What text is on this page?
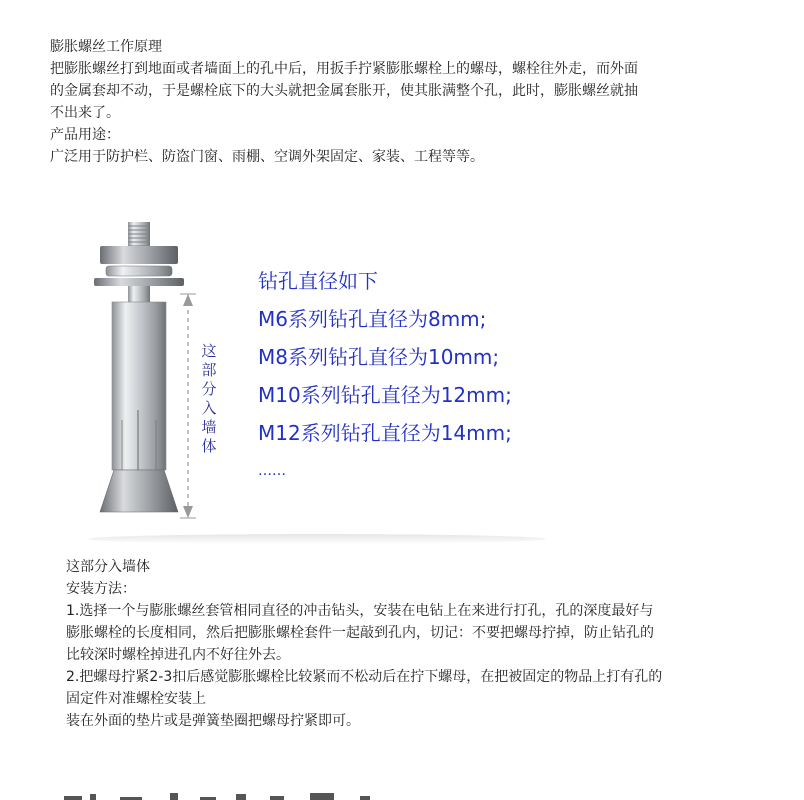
膨胀螺丝工作原理
把膨胀螺丝打到地面或者墙面上的孔中后，用扳手拧紧膨胀螺栓上的螺母，螺栓往外走，而外面
的金属套却不动，于是螺栓底下的大头就把金属套胀开，使其胀满整个孔，此时，膨胀螺丝就抽
不出来了。
产品用途：
广泛用于防护栏、防盗门窗、雨棚、空调外架固定、家装、工程等等。
这
部
分
入
墙
体
钻孔直径如下
M6系列钻孔直径为8mm;
M8系列钻孔直径为10mm;
M10系列钻孔直径为12mm;
M12系列钻孔直径为14mm;
……
这部分入墙体
安装方法：
1.选择一个与膨胀螺丝套管相同直径的冲击钻头，安装在电钻上在来进行打孔，孔的深度最好与
膨胀螺栓的长度相同，然后把膨胀螺栓套件一起敲到孔内，切记：不要把螺母拧掉，防止钻孔的
比较深时螺栓掉进孔内不好往外去。
2.把螺母拧紧2-3扣后感觉膨胀螺栓比较紧而不松动后在拧下螺母，在把被固定的物品上打有孔的
固定件对准螺栓安装上
装在外面的垫片或是弹簧垫圈把螺母拧紧即可。
